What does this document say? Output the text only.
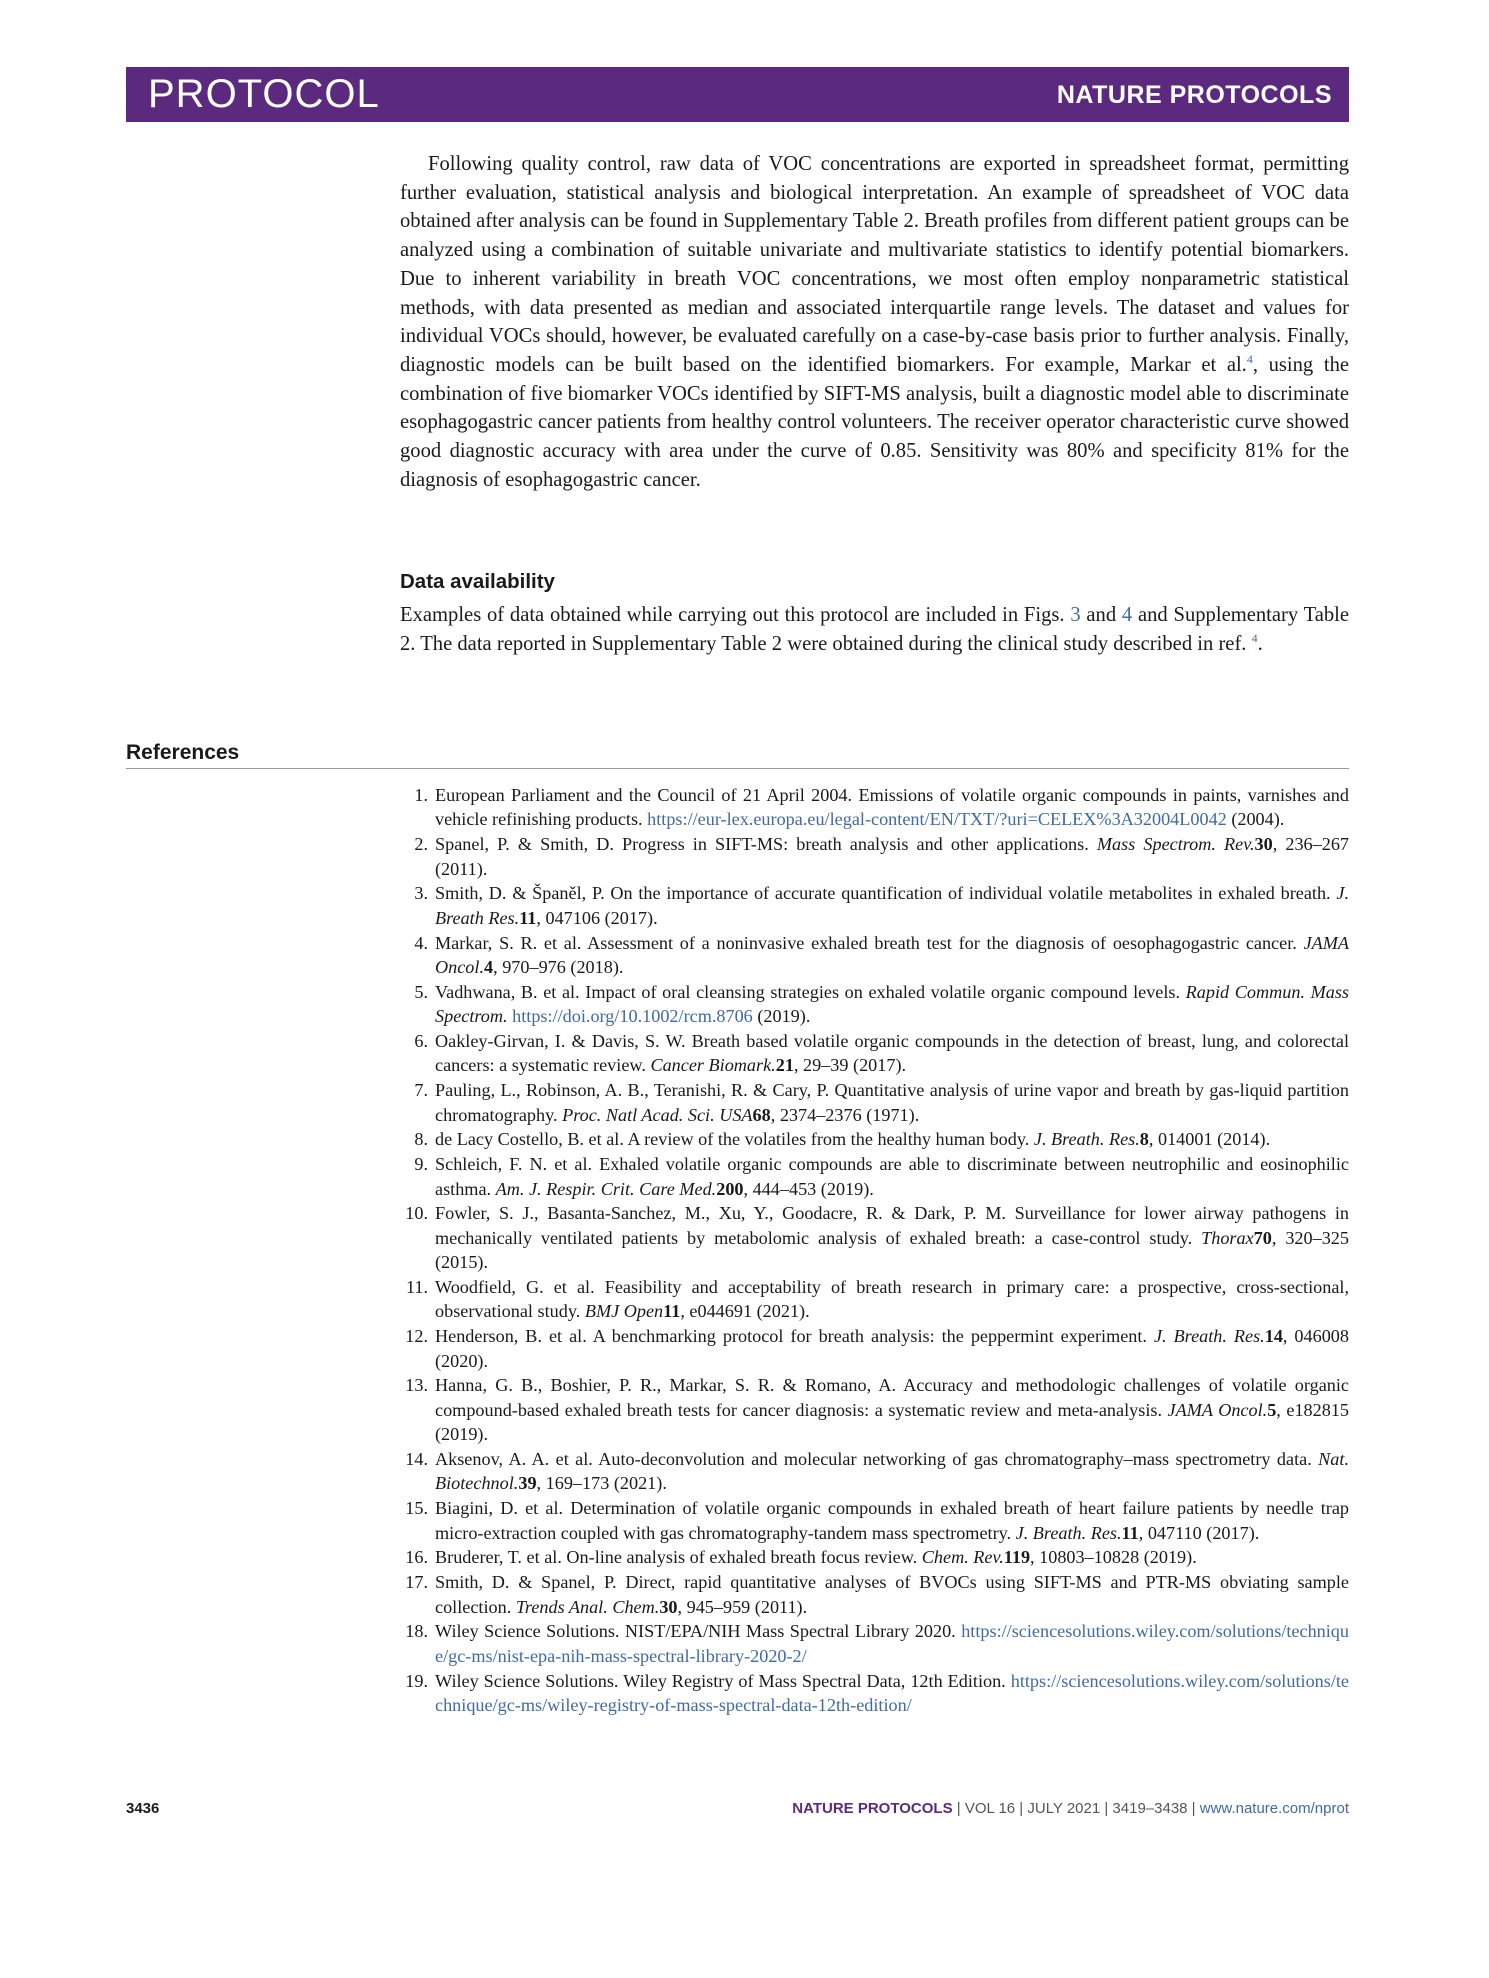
PROTOCOL	NATURE PROTOCOLS

Following quality control, raw data of VOC concentrations are exported in spreadsheet format, permitting further evaluation, statistical analysis and biological interpretation. An example of spreadsheet of VOC data obtained after analysis can be found in Supplementary Table 2. Breath profiles from different patient groups can be analyzed using a combination of suitable univariate and multivariate statistics to identify potential biomarkers. Due to inherent variability in breath VOC concentrations, we most often employ nonparametric statistical methods, with data presented as median and associated interquartile range levels. The dataset and values for individual VOCs should, however, be evaluated carefully on a case-by-case basis prior to further analysis. Finally, diagnostic models can be built based on the identified biomarkers. For example, Markar et al.$^4$, using the combination of five biomarker VOCs identified by SIFT-MS analysis, built a diagnostic model able to discriminate esophagogastric cancer patients from healthy control volunteers. The receiver operator characteristic curve showed good diagnostic accuracy with area under the curve of 0.85. Sensitivity was 80% and specificity 81% for the diagnosis of esophagogastric cancer.

Data availability

Examples of data obtained while carrying out this protocol are included in Figs. 3 and 4 and Supplementary Table 2. The data reported in Supplementary Table 2 were obtained during the clinical study described in ref. $^4$.

References
1. European Parliament and the Council of 21 April 2004. Emissions of volatile organic compounds in paints, varnishes and vehicle refinishing products. https://eur-lex.europa.eu/legal-content/EN/TXT/?uri=CELEX%3A32004L0042 (2004).
2. Spanel, P. & Smith, D. Progress in SIFT-MS: breath analysis and other applications. Mass Spectrom. Rev.30, 236–267 (2011).
3. Smith, D. & Španěl, P. On the importance of accurate quantification of individual volatile metabolites in exhaled breath. J. Breath Res.11, 047106 (2017).
4. Markar, S. R. et al. Assessment of a noninvasive exhaled breath test for the diagnosis of oesophagogastric cancer. JAMA Oncol.4, 970–976 (2018).
5. Vadhwana, B. et al. Impact of oral cleansing strategies on exhaled volatile organic compound levels. Rapid Commun. Mass Spectrom. https://doi.org/10.1002/rcm.8706 (2019).
6. Oakley-Girvan, I. & Davis, S. W. Breath based volatile organic compounds in the detection of breast, lung, and colorectal cancers: a systematic review. Cancer Biomark.21, 29–39 (2017).
7. Pauling, L., Robinson, A. B., Teranishi, R. & Cary, P. Quantitative analysis of urine vapor and breath by gas-liquid partition chromatography. Proc. Natl Acad. Sci. USA68, 2374–2376 (1971).
8. de Lacy Costello, B. et al. A review of the volatiles from the healthy human body. J. Breath. Res.8, 014001 (2014).
9. Schleich, F. N. et al. Exhaled volatile organic compounds are able to discriminate between neutrophilic and eosinophilic asthma. Am. J. Respir. Crit. Care Med.200, 444–453 (2019).
10. Fowler, S. J., Basanta-Sanchez, M., Xu, Y., Goodacre, R. & Dark, P. M. Surveillance for lower airway pathogens in mechanically ventilated patients by metabolomic analysis of exhaled breath: a case-control study. Thorax70, 320–325 (2015).
11. Woodfield, G. et al. Feasibility and acceptability of breath research in primary care: a prospective, cross-sectional, observational study. BMJ Open11, e044691 (2021).
12. Henderson, B. et al. A benchmarking protocol for breath analysis: the peppermint experiment. J. Breath. Res.14, 046008 (2020).
13. Hanna, G. B., Boshier, P. R., Markar, S. R. & Romano, A. Accuracy and methodologic challenges of volatile organic compound-based exhaled breath tests for cancer diagnosis: a systematic review and meta-analysis. JAMA Oncol.5, e182815 (2019).
14. Aksenov, A. A. et al. Auto-deconvolution and molecular networking of gas chromatography–mass spectrometry data. Nat. Biotechnol.39, 169–173 (2021).
15. Biagini, D. et al. Determination of volatile organic compounds in exhaled breath of heart failure patients by needle trap micro-extraction coupled with gas chromatography-tandem mass spectrometry. J. Breath. Res.11, 047110 (2017).
16. Bruderer, T. et al. On-line analysis of exhaled breath focus review. Chem. Rev.119, 10803–10828 (2019).
17. Smith, D. & Spanel, P. Direct, rapid quantitative analyses of BVOCs using SIFT-MS and PTR-MS obviating sample collection. Trends Anal. Chem.30, 945–959 (2011).
18. Wiley Science Solutions. NIST/EPA/NIH Mass Spectral Library 2020. https://sciencesolutions.wiley.com/solutions/technique/gc-ms/nist-epa-nih-mass-spectral-library-2020-2/
19. Wiley Science Solutions. Wiley Registry of Mass Spectral Data, 12th Edition. https://sciencesolutions.wiley.com/solutions/technique/gc-ms/wiley-registry-of-mass-spectral-data-12th-edition/
3436	NATURE PROTOCOLS | VOL 16 | JULY 2021 | 3419–3438 | www.nature.com/nprot
